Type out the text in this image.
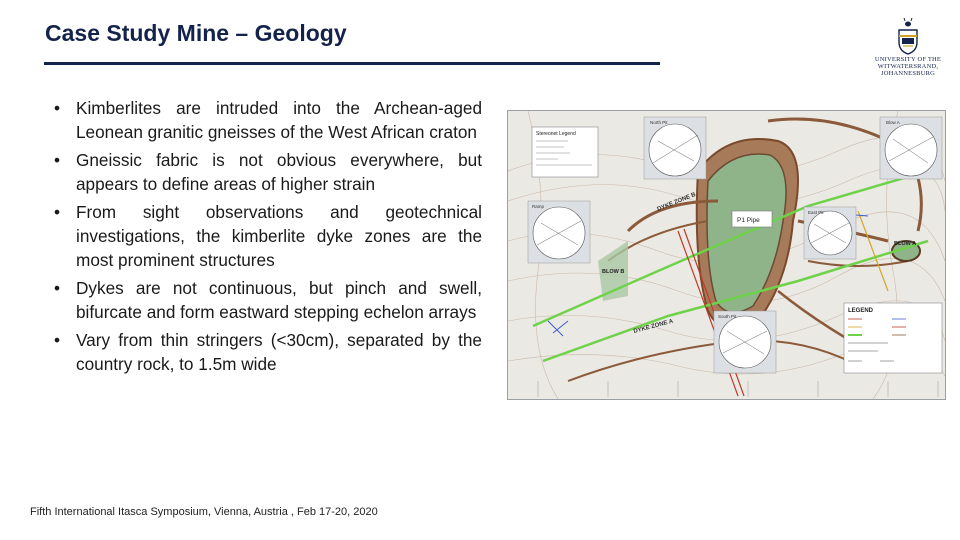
Case Study Mine – Geology
UNIVERSITY OF THE
WITWATERSRAND,
JOHANNESBURG
• Kimberlites are intruded into the Archean-aged Leonean granitic gneisses of the West African craton
• Gneissic fabric is not obvious everywhere, but appears to define areas of higher strain
• From sight observations and geotechnical investigations, the kimberlite dyke zones are the most prominent structures
• Dykes are not continuous, but pinch and swell, bifurcate and form eastward stepping echelon arrays
• Vary from thin stringers (<30cm), separated by the country rock, to 1.5m wide
Stereonet Legend
North Pit	Blow A
Ramp
East Pit
South Pit
P1 Pipe
DYKE ZONE B
DYKE ZONE A
BLOW A
BLOW B
LEGEND
Fifth International Itasca Symposium, Vienna, Austria , Feb 17-20, 2020
